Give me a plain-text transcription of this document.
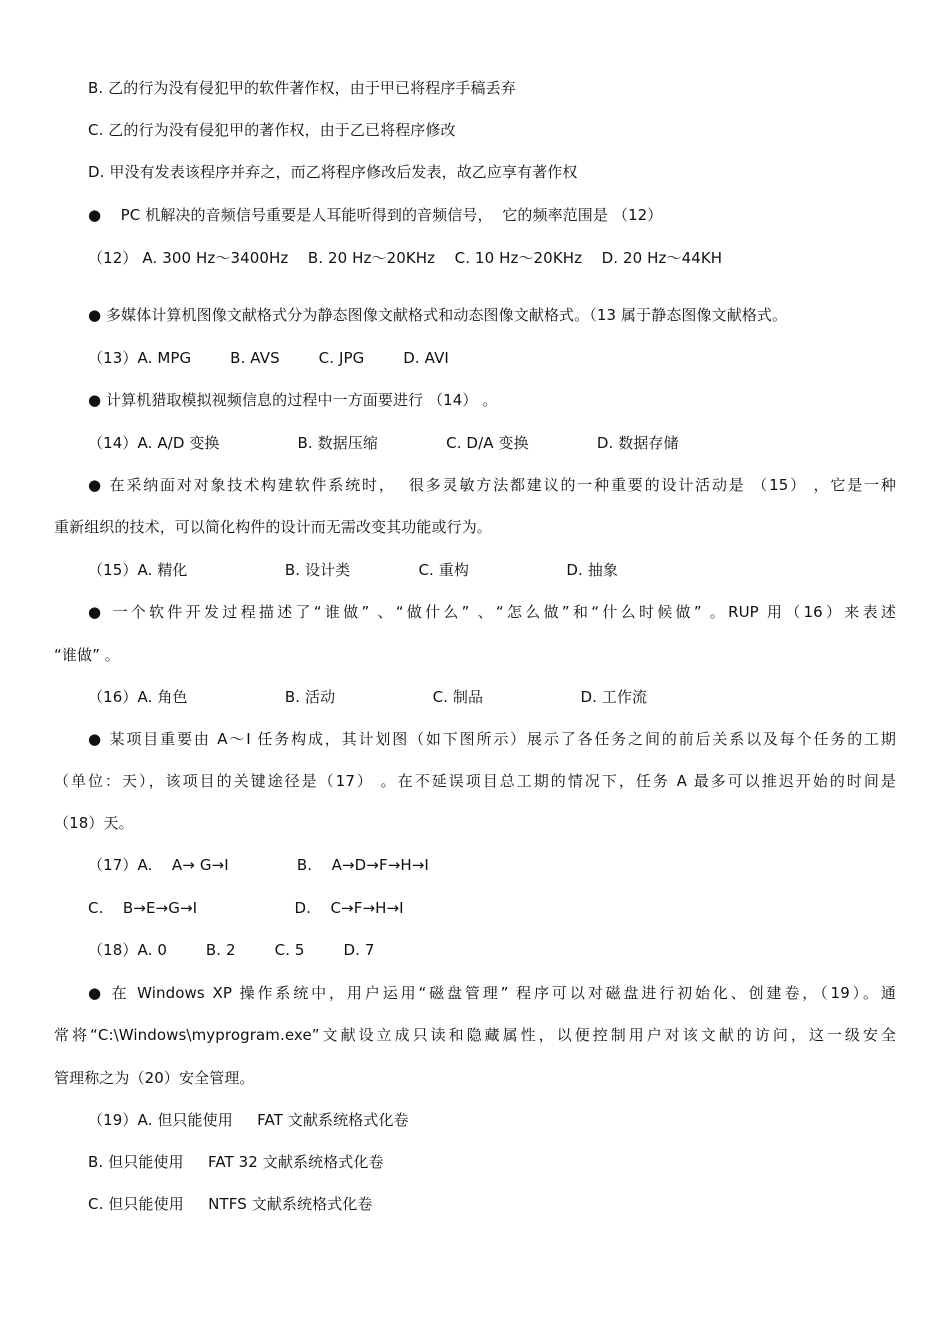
B. 乙的行为没有侵犯甲的软件著作权，由于甲已将程序手稿丢弃
C. 乙的行为没有侵犯甲的著作权，由于乙已将程序修改
D. 甲没有发表该程序并弃之，而乙将程序修改后发表，故乙应享有著作权
●    PC 机解决的音频信号重要是人耳能听得到的音频信号，  它的频率范围是 （12）
（12） A. 300 Hz～3400Hz    B. 20 Hz～20KHz    C. 10 Hz～20KHz    D. 20 Hz～44KH
● 多媒体计算机图像文献格式分为静态图像文献格式和动态图像文献格式。（13 属于静态图像文献格式。
（13）A. MPG        B. AVS        C. JPG        D. AVI
● 计算机猎取模拟视频信息的过程中一方面要进行 （14） 。
（14）A. A/D 变换                B. 数据压缩              C. D/A 变换              D. 数据存储
● 在采纳面对对象技术构建软件系统时，  很多灵敏方法都建议的一种重要的设计活动是 （15） ，它是一种
重新组织的技术，可以简化构件的设计而无需改变其功能或行为。
（15）A. 精化                    B. 设计类              C. 重构                    D. 抽象
● 一个软件开发过程描述了“谁做” 、“做什么” 、“怎么做”和“什么时候做” 。RUP 用（16）来表述
“谁做” 。
（16）A. 角色                    B. 活动                    C. 制品                    D. 工作流
● 某项目重要由 A～I 任务构成，其计划图（如下图所示）展示了各任务之间的前后关系以及每个任务的工期
（单位：天），该项目的关键途径是（17） 。在不延误项目总工期的情况下，任务 A 最多可以推迟开始的时间是
（18）天。
（17）A.    A→ G→I              B.    A→D→F→H→I
C.    B→E→G→I                    D.    C→F→H→I
（18）A. 0        B. 2        C. 5        D. 7
● 在 Windows XP 操作系统中，用户运用“磁盘管理” 程序可以对磁盘进行初始化、创建卷，（19）。通
常将“C:\Windows\myprogram.exe”文献设立成只读和隐藏属性，以便控制用户对该文献的访问，这一级安全
管理称之为（20）安全管理。
（19）A. 但只能使用     FAT 文献系统格式化卷
B. 但只能使用     FAT 32 文献系统格式化卷
C. 但只能使用     NTFS 文献系统格式化卷
